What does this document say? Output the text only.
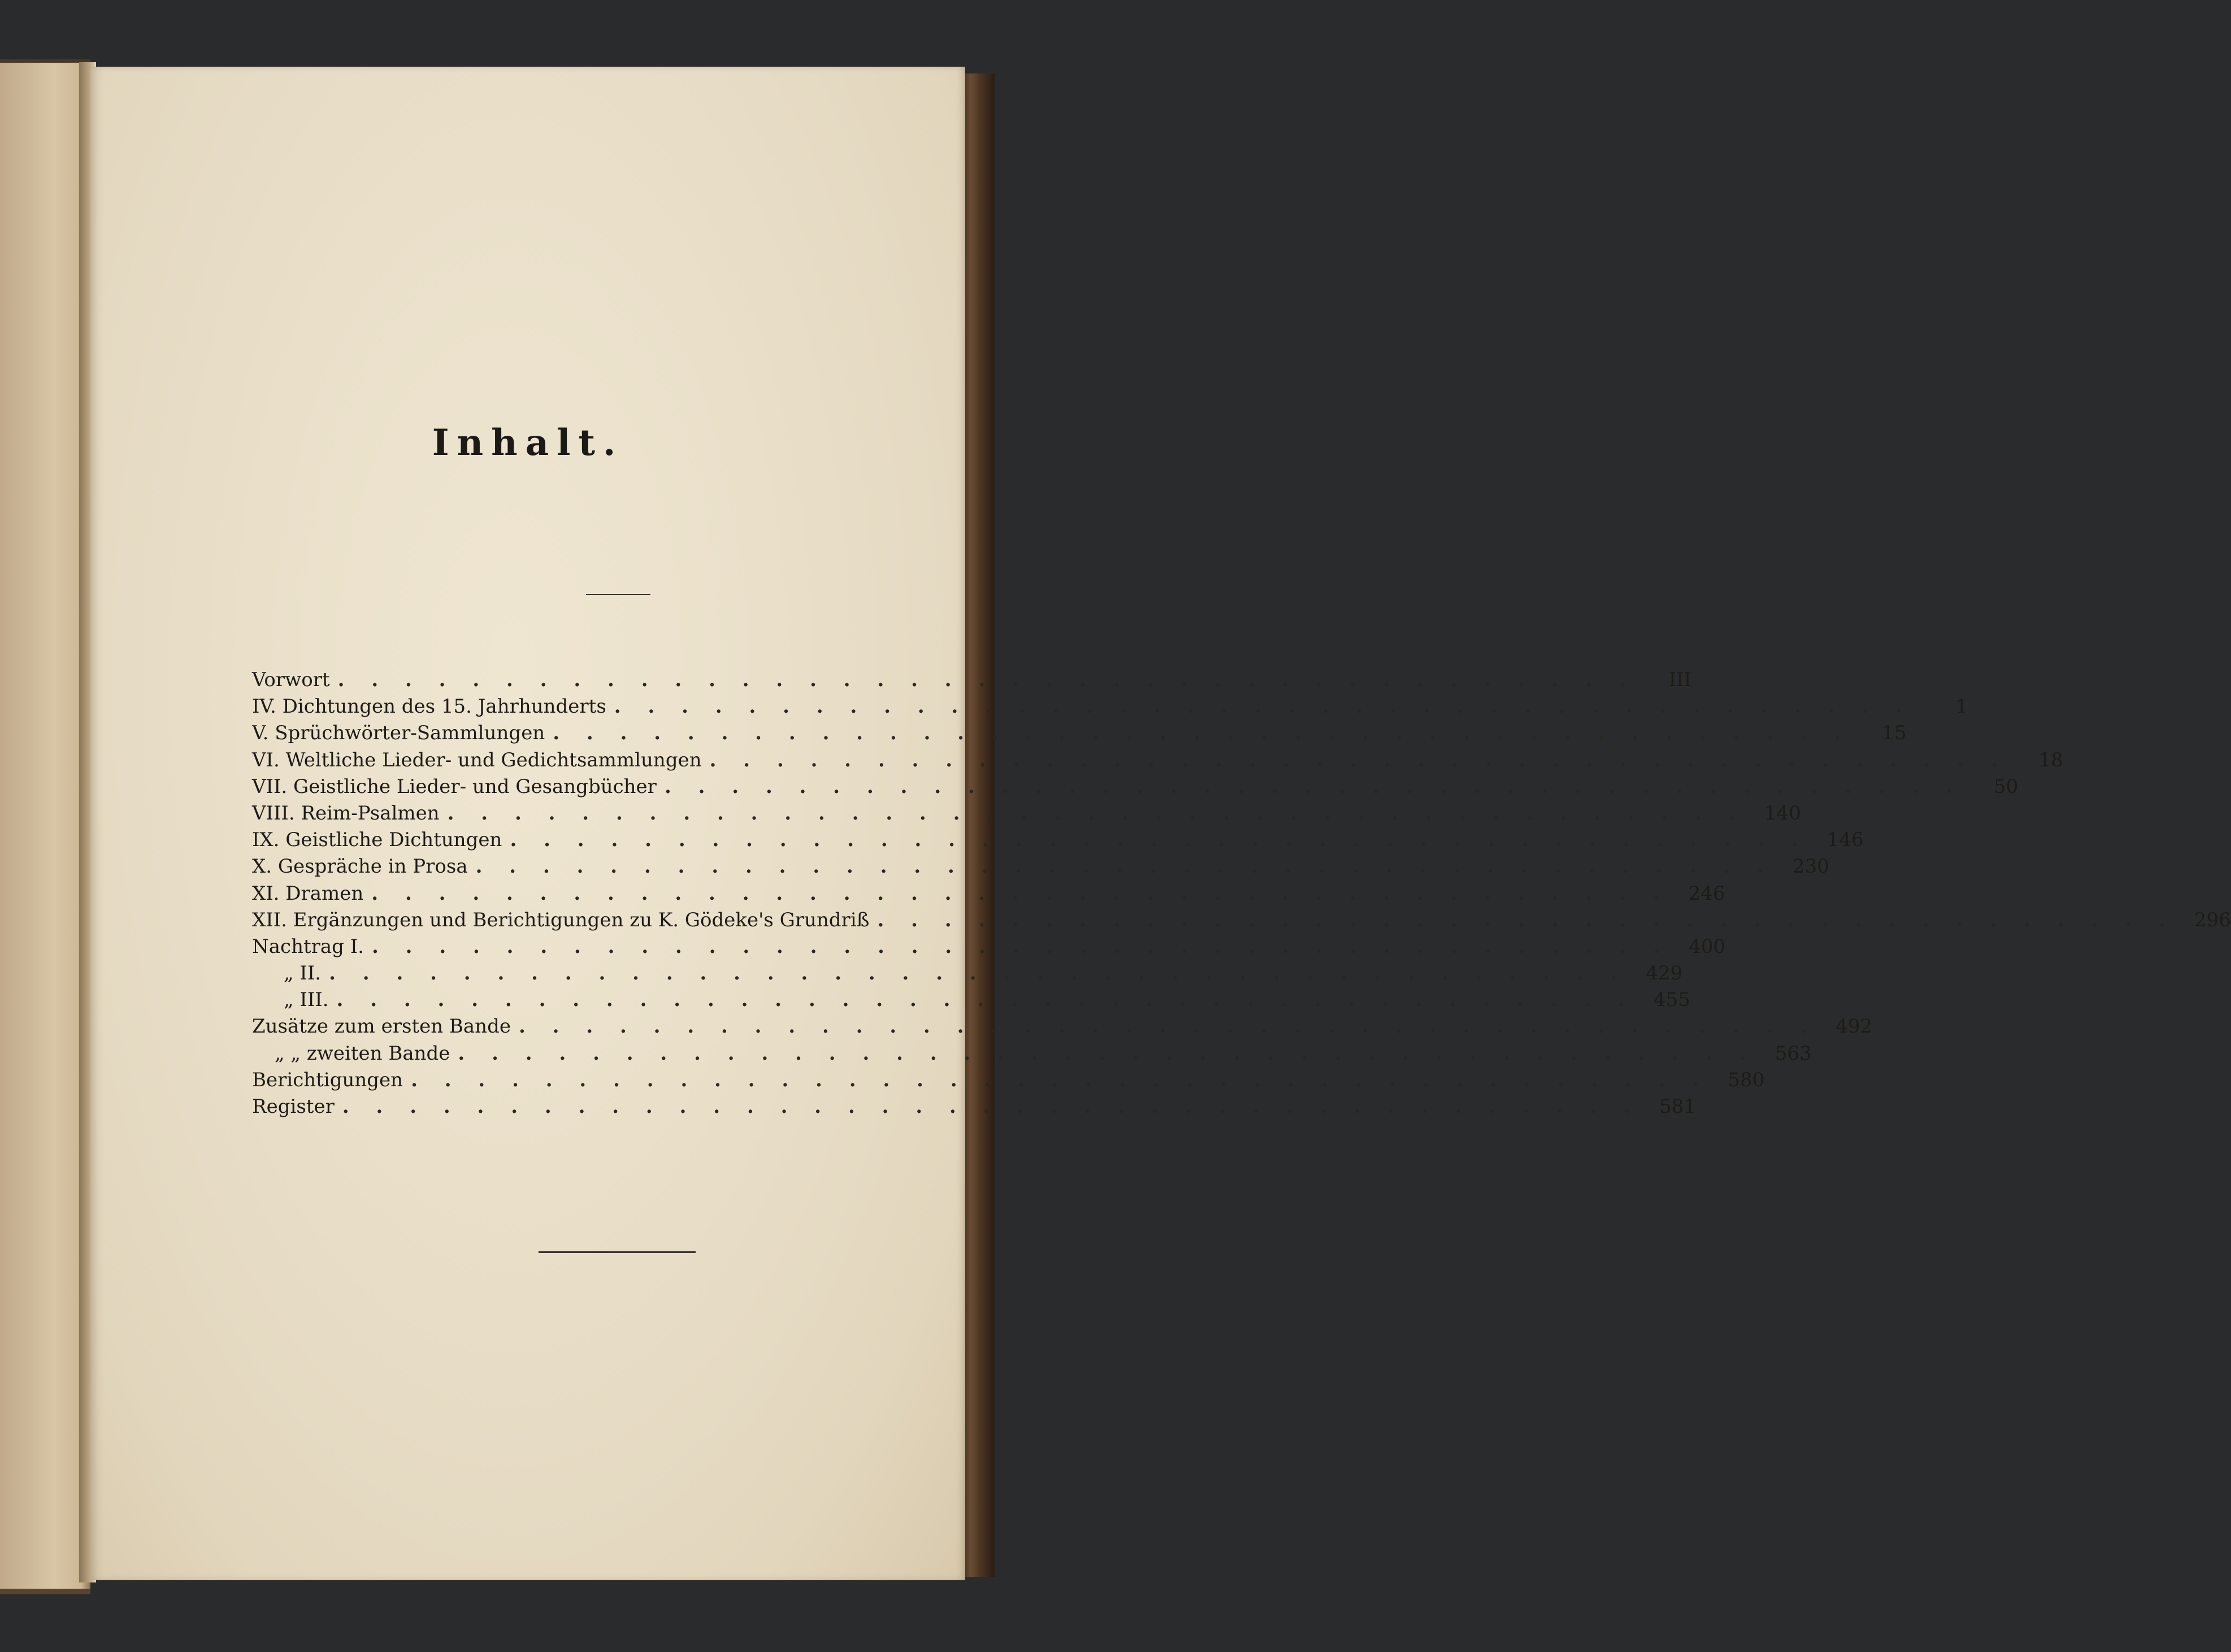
Inhalt.
Vorwort . . . . . . . . . . . . . . . . . . . . . . . . . . . . . . . . . . . . . . .	III
IV. Dichtungen des 15. Jahrhunderts . . . . . . . . . . . . . . . . . . . . . . . . . . . . . . . . . . . . . . .	1
V. Sprüchwörter-Sammlungen . . . . . . . . . . . . . . . . . . . . . . . . . . . . . . . . . . . . . . .	15
VI. Weltliche Lieder- und Gedichtsammlungen . . . . . . . . . . . . . . . . . . . . . . . . . . . . . . . . . . . . . . .	18
VII. Geistliche Lieder- und Gesangbücher . . . . . . . . . . . . . . . . . . . . . . . . . . . . . . . . . . . . . . .	50
VIII. Reim-Psalmen . . . . . . . . . . . . . . . . . . . . . . . . . . . . . . . . . . . . . . . 140
IX. Geistliche Dichtungen . . . . . . . . . . . . . . . . . . . . . . . . . . . . . . . . . . . . . . . 146
X. Gespräche in Prosa . . . . . . . . . . . . . . . . . . . . . . . . . . . . . . . . . . . . . . . 230
XI. Dramen . . . . . . . . . . . . . . . . . . . . . . . . . . . . . . . . . . . . . . . 246
XII. Ergänzungen und Berichtigungen zu K. Gödeke's Grundriß . . . . . . . . . . . . . . . . . . . . . . . . . . . . . . . . . . . . . . . 296
Nachtrag I. . . . . . . . . . . . . . . . . . . . . . . . . . . . . . . . . . . . . . . . 400
„ II. . . . . . . . . . . . . . . . . . . . . . . . . . . . . . . . . . . . . . . . 429
„ III. . . . . . . . . . . . . . . . . . . . . . . . . . . . . . . . . . . . . . . . 455
Zusätze zum ersten Bande . . . . . . . . . . . . . . . . . . . . . . . . . . . . . . . . . . . . . . . 492
„ „ zweiten Bande . . . . . . . . . . . . . . . . . . . . . . . . . . . . . . . . . . . . . . . 563
Berichtigungen . . . . . . . . . . . . . . . . . . . . . . . . . . . . . . . . . . . . . . . 580
Register . . . . . . . . . . . . . . . . . . . . . . . . . . . . . . . . . . . . . . . 581
